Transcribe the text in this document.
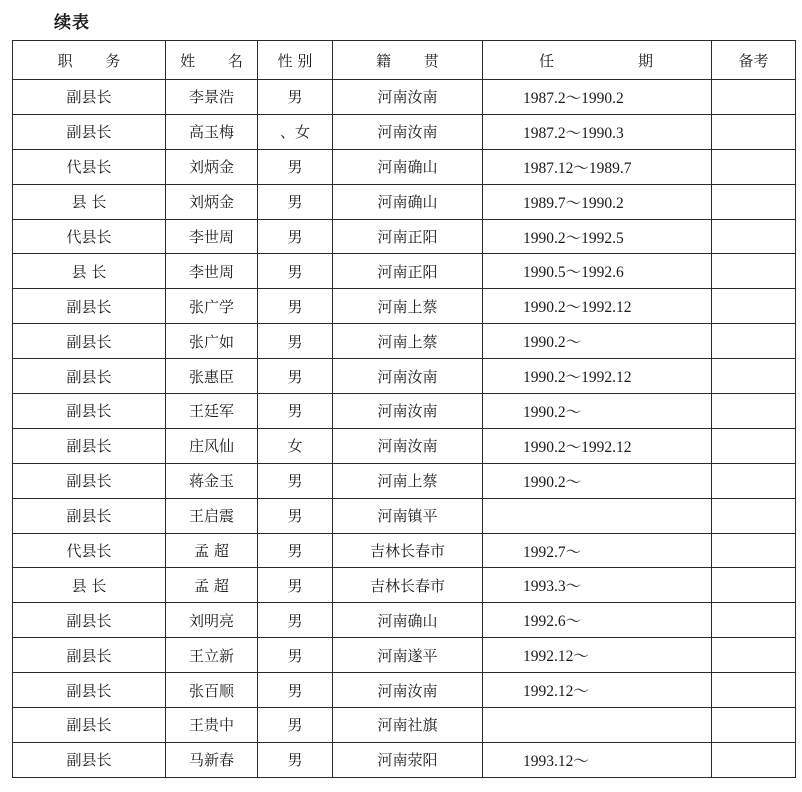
续表
职 务	姓 名	性 别	籍 贯	任 期	备考
副县长	李景浩	男	河南汝南	1987.2～1990.2	
副县长	高玉梅	、女	河南汝南	1987.2～1990.3	
代县长	刘炳金	男	河南确山	1987.12～1989.7	
县 长	刘炳金	男	河南确山	1989.7～1990.2	
代县长	李世周	男	河南正阳	1990.2～1992.5	
县 长	李世周	男	河南正阳	1990.5～1992.6	
副县长	张广学	男	河南上蔡	1990.2～1992.12	
副县长	张广如	男	河南上蔡	1990.2～	
副县长	张惠臣	男	河南汝南	1990.2～1992.12	
副县长	王廷军	男	河南汝南	1990.2～	
副县长	庄风仙	女	河南汝南	1990.2～1992.12	
副县长	蒋金玉	男	河南上蔡	1990.2～	
副县长	王启震	男	河南镇平		
代县长	孟 超	男	吉林长春市	1992.7～	
县 长	孟 超	男	吉林长春市	1993.3～	
副县长	刘明亮	男	河南确山	1992.6～	
副县长	王立新	男	河南遂平	1992.12～	
副县长	张百顺	男	河南汝南	1992.12～	
副县长	王贵中	男	河南社旗		
副县长	马新春	男	河南荥阳	1993.12～	
